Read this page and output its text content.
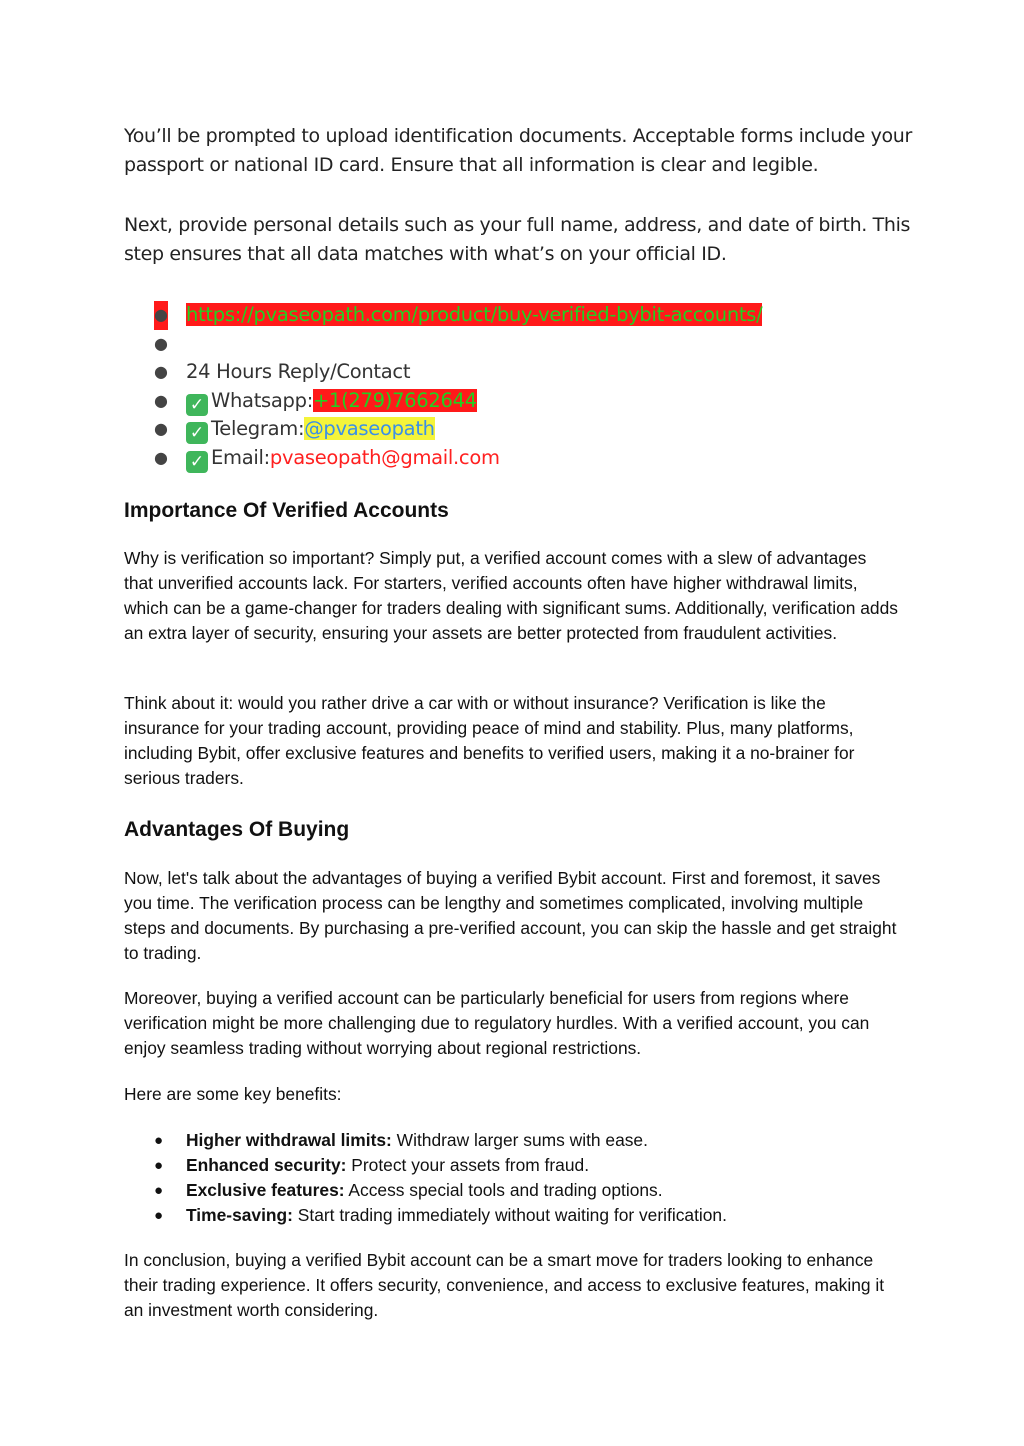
You’ll be prompted to upload identification documents. Acceptable forms include your passport or national ID card. Ensure that all information is clear and legible.

Next, provide personal details such as your full name, address, and date of birth. This step ensures that all data matches with what’s on your official ID.

● https://pvaseopath.com/product/buy-verified-bybit-accounts/
●
● 24 Hours Reply/Contact
● ✓ Whatsapp:+1(279)7662644
● ✓ Telegram:@pvaseopath
● ✓ Email:pvaseopath@gmail.com
Importance Of Verified Accounts

Why is verification so important? Simply put, a verified account comes with a slew of advantages that unverified accounts lack. For starters, verified accounts often have higher withdrawal limits, which can be a game-changer for traders dealing with significant sums. Additionally, verification adds an extra layer of security, ensuring your assets are better protected from fraudulent activities.

Think about it: would you rather drive a car with or without insurance? Verification is like the insurance for your trading account, providing peace of mind and stability. Plus, many platforms, including Bybit, offer exclusive features and benefits to verified users, making it a no-brainer for serious traders.

Advantages Of Buying

Now, let's talk about the advantages of buying a verified Bybit account. First and foremost, it saves you time. The verification process can be lengthy and sometimes complicated, involving multiple steps and documents. By purchasing a pre-verified account, you can skip the hassle and get straight to trading.

Moreover, buying a verified account can be particularly beneficial for users from regions where verification might be more challenging due to regulatory hurdles. With a verified account, you can enjoy seamless trading without worrying about regional restrictions.

Here are some key benefits:

● Higher withdrawal limits: Withdraw larger sums with ease.
● Enhanced security: Protect your assets from fraud.
● Exclusive features: Access special tools and trading options.
● Time-saving: Start trading immediately without waiting for verification.

In conclusion, buying a verified Bybit account can be a smart move for traders looking to enhance their trading experience. It offers security, convenience, and access to exclusive features, making it an investment worth considering.
